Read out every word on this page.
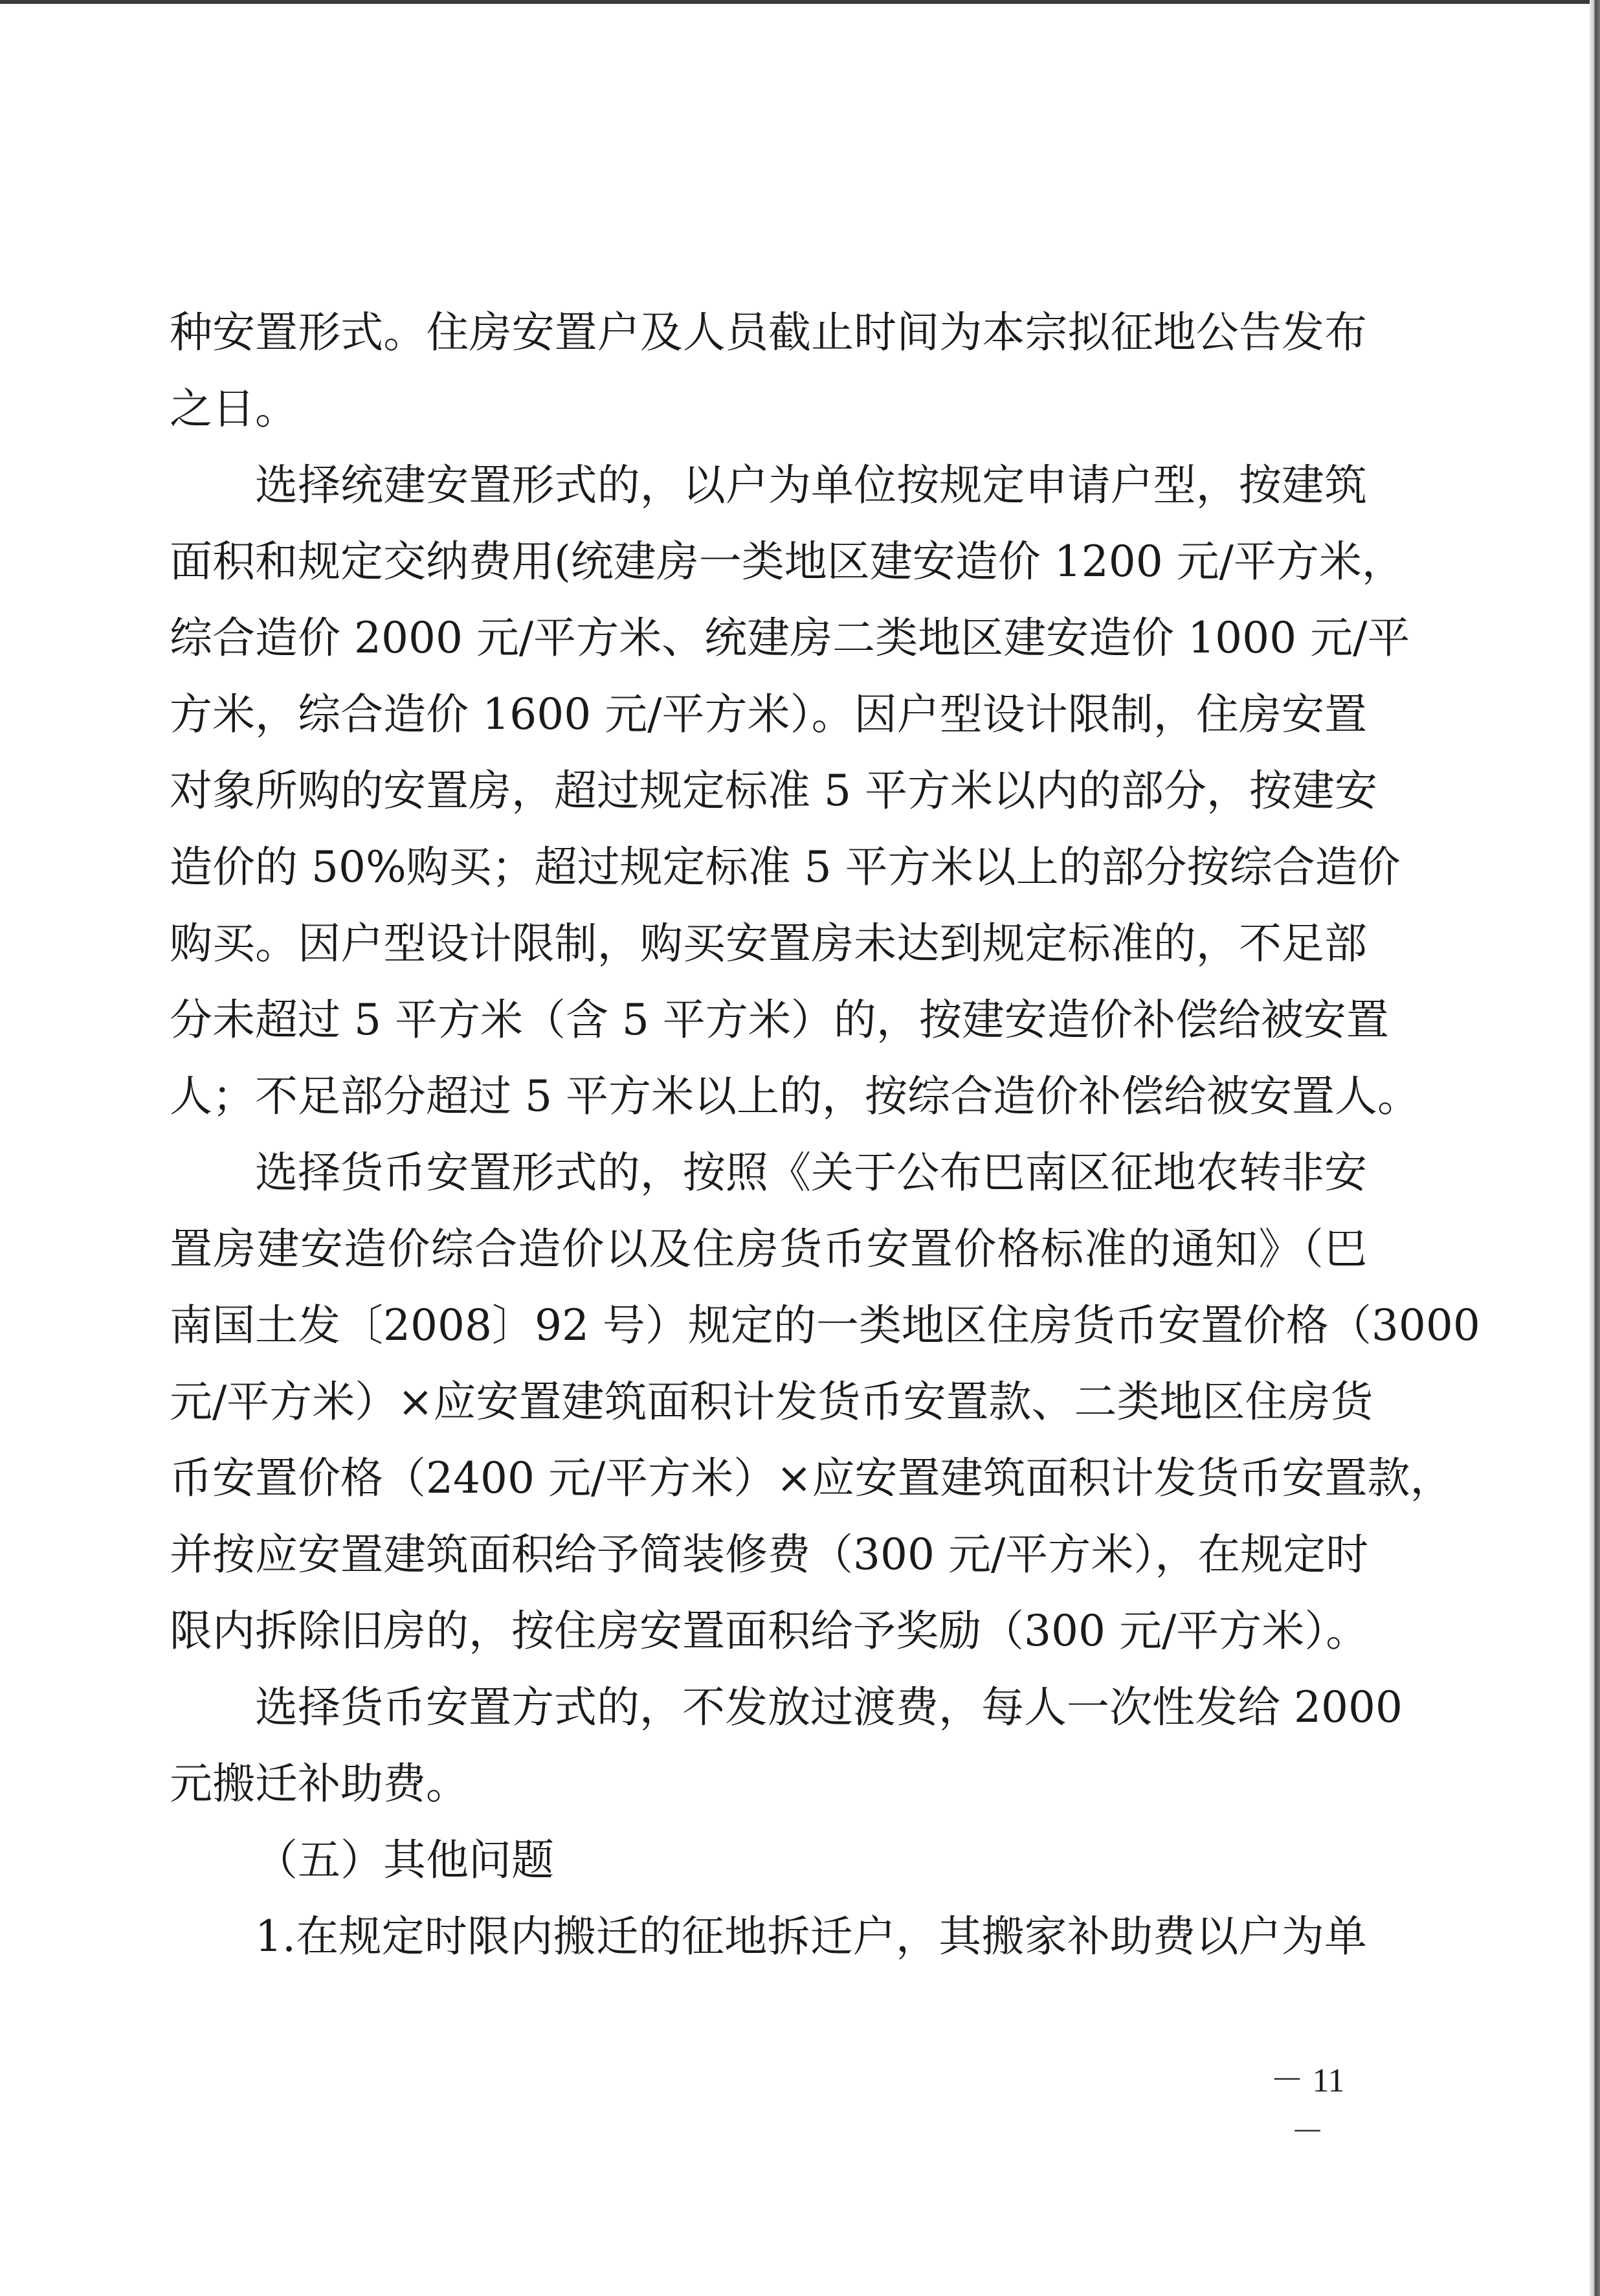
种安置形式。住房安置户及人员截止时间为本宗拟征地公告发布
之日。
选择统建安置形式的，以户为单位按规定申请户型，按建筑
面积和规定交纳费用(统建房一类地区建安造价 1200 元/平方米，
综合造价 2000 元/平方米、统建房二类地区建安造价 1000 元/平
方米，综合造价 1600 元/平方米）。因户型设计限制，住房安置
对象所购的安置房，超过规定标准 5 平方米以内的部分，按建安
造价的 50%购买；超过规定标准 5 平方米以上的部分按综合造价
购买。因户型设计限制，购买安置房未达到规定标准的，不足部
分未超过 5 平方米（含 5 平方米）的，按建安造价补偿给被安置
人；不足部分超过 5 平方米以上的，按综合造价补偿给被安置人。
选择货币安置形式的，按照《关于公布巴南区征地农转非安
置房建安造价综合造价以及住房货币安置价格标准的通知》（巴
南国土发〔2008〕92 号）规定的一类地区住房货币安置价格（3000
元/平方米）×应安置建筑面积计发货币安置款、二类地区住房货
币安置价格（2400 元/平方米）×应安置建筑面积计发货币安置款，
并按应安置建筑面积给予简装修费（300 元/平方米），在规定时
限内拆除旧房的，按住房安置面积给予奖励（300 元/平方米）。
选择货币安置方式的，不发放过渡费，每人一次性发给 2000
元搬迁补助费。
（五）其他问题
1.在规定时限内搬迁的征地拆迁户，其搬家补助费以户为单
－ 11 －
